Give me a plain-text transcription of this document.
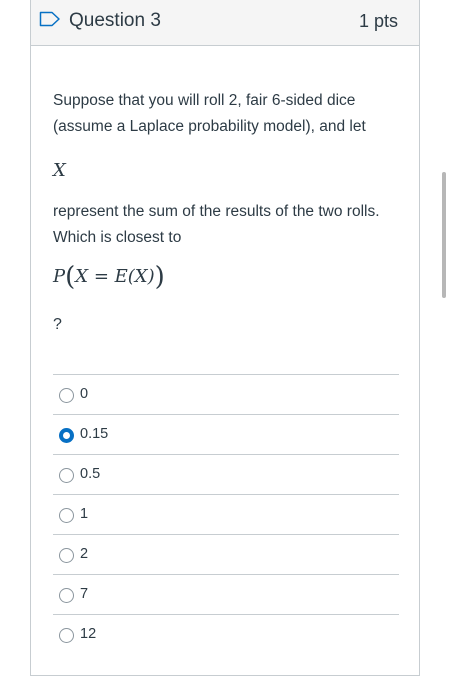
Question 3	1 pts
Suppose that you will roll 2, fair 6-sided dice (assume a Laplace probability model), and let
X
represent the sum of the results of the two rolls. Which is closest to
P(X = E(X))
?
0
0.15
0.5
1
2
7
12
